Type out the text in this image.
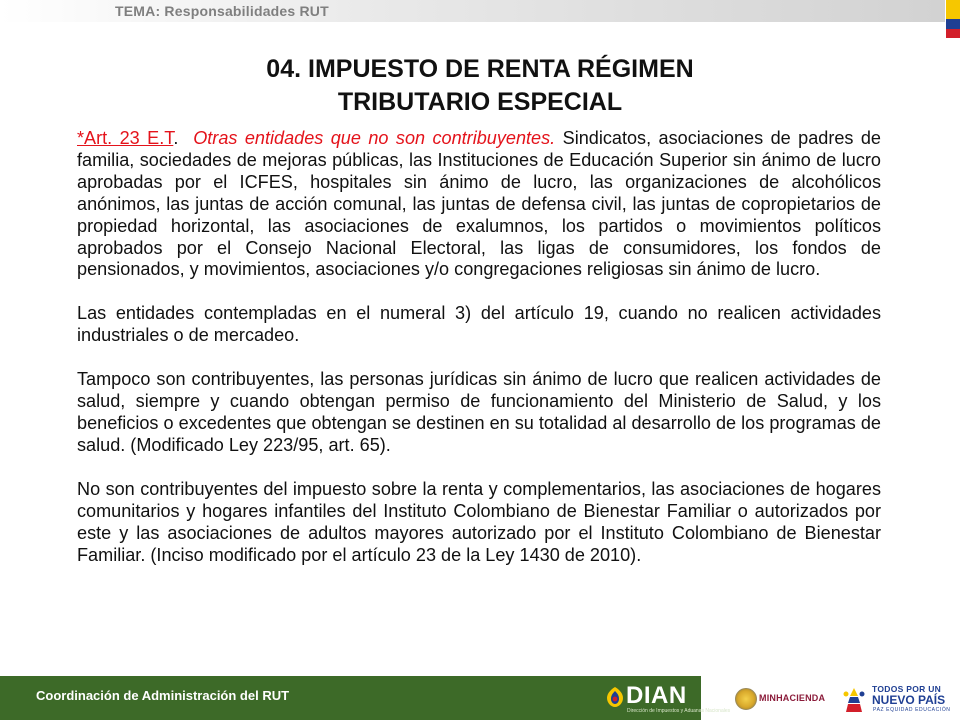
TEMA: Responsabilidades RUT
04. IMPUESTO DE RENTA RÉGIMEN
TRIBUTARIO ESPECIAL

*Art. 23 E.T. Otras entidades que no son contribuyentes. Sindicatos, asociaciones de padres de familia, sociedades de mejoras públicas, las Instituciones de Educación Superior sin ánimo de lucro aprobadas por el ICFES, hospitales sin ánimo de lucro, las organizaciones de alcohólicos anónimos, las juntas de acción comunal, las juntas de defensa civil, las juntas de copropietarios de propiedad horizontal, las asociaciones de exalumnos, los partidos o movimientos políticos aprobados por el Consejo Nacional Electoral, las ligas de consumidores, los fondos de pensionados, y movimientos, asociaciones y/o congregaciones religiosas sin ánimo de lucro.

Las entidades contempladas en el numeral 3) del artículo 19, cuando no realicen actividades industriales o de mercadeo.

Tampoco son contribuyentes, las personas jurídicas sin ánimo de lucro que realicen actividades de salud, siempre y cuando obtengan permiso de funcionamiento del Ministerio de Salud, y los beneficios o excedentes que obtengan se destinen en su totalidad al desarrollo de los programas de salud. (Modificado Ley 223/95, art. 65).

No son contribuyentes del impuesto sobre la renta y complementarios, las asociaciones de hogares comunitarios y hogares infantiles del Instituto Colombiano de Bienestar Familiar o autorizados por este y las asociaciones de adultos mayores autorizado por el Instituto Colombiano de Bienestar Familiar. (Inciso modificado por el artículo 23 de la Ley 1430 de 2010).

Coordinación de Administración del RUT	DIAN
Dirección de Impuestos y Aduanas Nacionales
MINHACIENDA
TODOS POR UN
NUEVO PAÍS
PAZ EQUIDAD EDUCACIÓN
